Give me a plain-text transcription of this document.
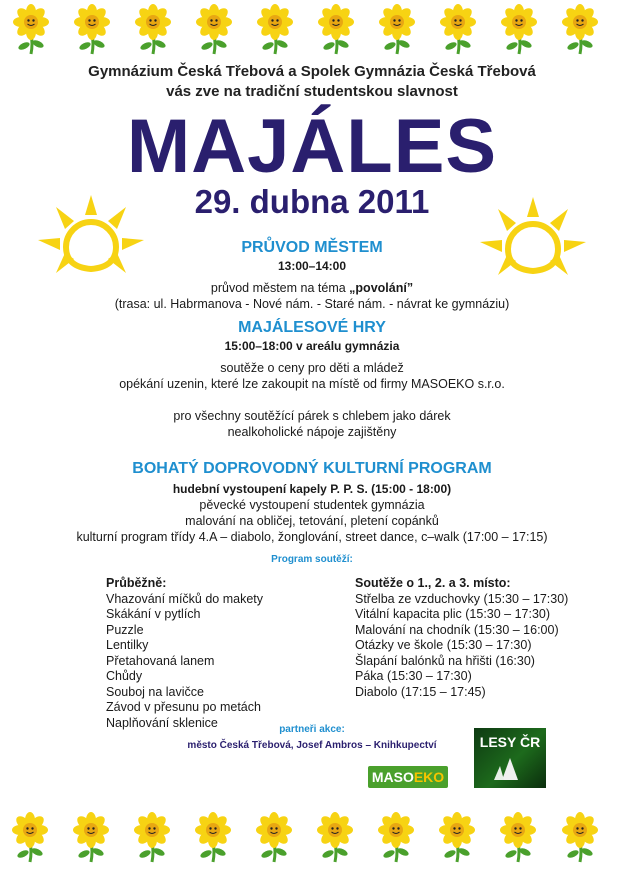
Gymnázium Česká Třebová a Spolek Gymnázia Česká Třebová
vás zve na tradiční studentskou slavnost
MAJÁLES
29. dubna 2011
PRŮVOD MĚSTEM
13:00–14:00
průvod městem na téma „povolání”
(trasa: ul. Habrmanova - Nové nám. - Staré nám. - návrat ke gymnáziu)
MAJÁLESOVÉ HRY
15:00–18:00 v areálu gymnázia
soutěže o ceny pro děti a mládež
opékání uzenin, které lze zakoupit na místě od firmy MASOEKO s.r.o.
pro všechny soutěžící párek s chlebem jako dárek
nealkoholické nápoje zajištěny
BOHATÝ DOPROVODNÝ KULTURNÍ PROGRAM
hudební vystoupení kapely P. P. S. (15:00 - 18:00)
pěvecké vystoupení studentek gymnázia
malování na obličej, tetování, pletení copánků
kulturní program třídy 4.A – diabolo, žonglování, street dance, c–walk (17:00 – 17:15)
Program soutěží:
Průběžně:
Vhazování míčků do makety
Skákání v pytlích
Puzzle
Lentilky
Přetahovaná lanem
Chůdy
Souboj na lavičce
Závod v přesunu po metách
Naplňování sklenice
Soutěže o 1., 2. a 3. místo:
Střelba ze vzduchovky (15:30 – 17:30)
Vitální kapacita plic (15:30 – 17:30)
Malování na chodník (15:30 – 16:00)
Otázky ve škole (15:30 – 17:30)
Šlapání balónků na hřišti (16:30)
Páka (15:30 – 17:30)
Diabolo (17:15 – 17:45)
partneři akce:
město Česká Třebová, Josef Ambros – Knihkupectví
MASOEKO
LESY ČR
